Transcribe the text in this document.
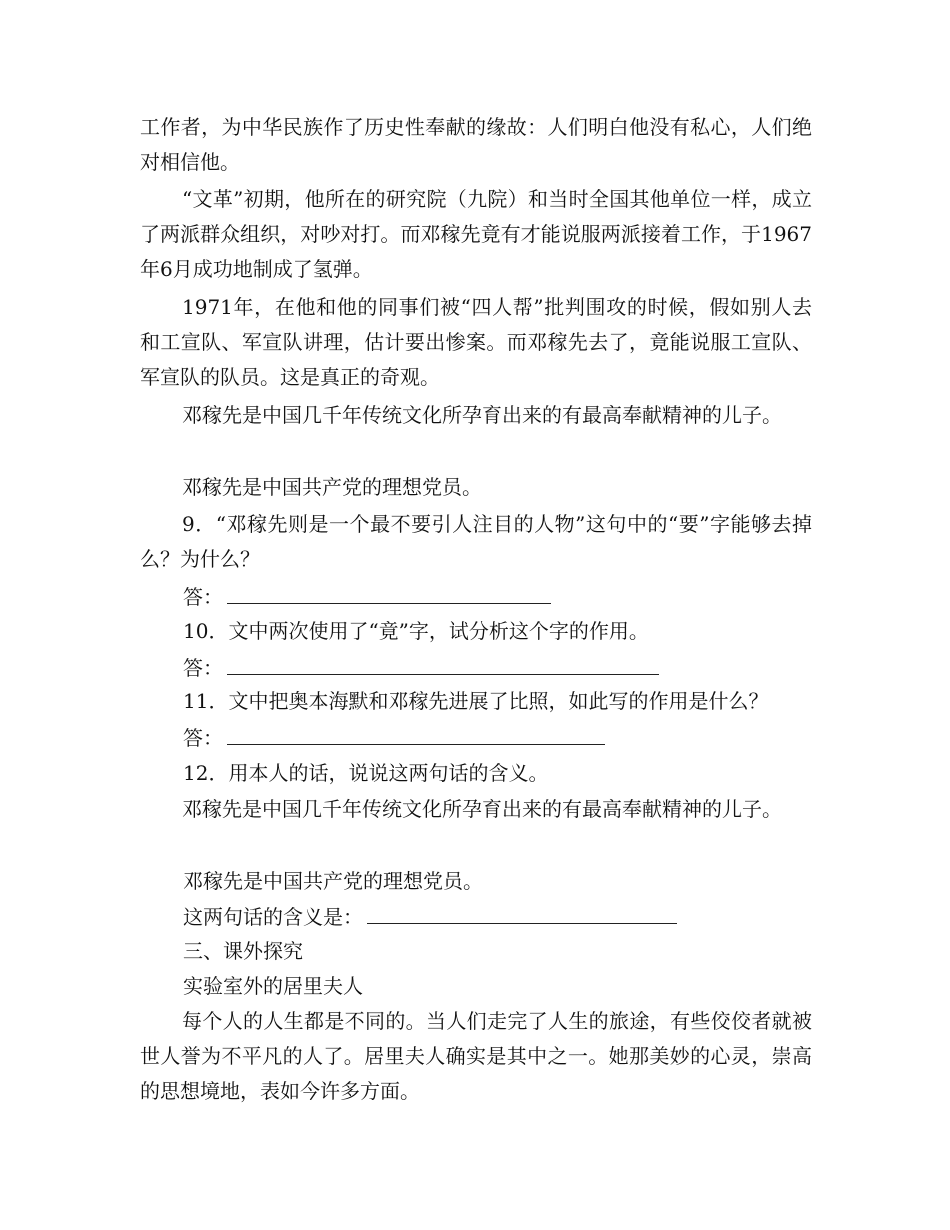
工作者，为中华民族作了历史性奉献的缘故：人们明白他没有私心，人们绝对相信他。

“文革”初期，他所在的研究院（九院）和当时全国其他单位一样，成立了两派群众组织，对吵对打。而邓稼先竟有才能说服两派接着工作，于1967年6月成功地制成了氢弹。

1971年，在他和他的同事们被“四人帮”批判围攻的时候，假如别人去和工宣队、军宣队讲理，估计要出惨案。而邓稼先去了，竟能说服工宣队、军宣队的队员。这是真正的奇观。

邓稼先是中国几千年传统文化所孕育出来的有最高奉献精神的儿子。

邓稼先是中国共产党的理想党员。

9．“邓稼先则是一个最不要引人注目的人物”这句中的“要”字能够去掉么？为什么？

答：
10．文中两次使用了“竟”字，试分析这个字的作用。
答：
11．文中把奥本海默和邓稼先进展了比照，如此写的作用是什么？
答：
12．用本人的话，说说这两句话的含义。

邓稼先是中国几千年传统文化所孕育出来的有最高奉献精神的儿子。

邓稼先是中国共产党的理想党员。
这两句话的含义是：
三、课外探究
实验室外的居里夫人

每个人的人生都是不同的。当人们走完了人生的旅途，有些佼佼者就被世人誉为不平凡的人了。居里夫人确实是其中之一。她那美妙的心灵，崇高的思想境地，表如今许多方面。
